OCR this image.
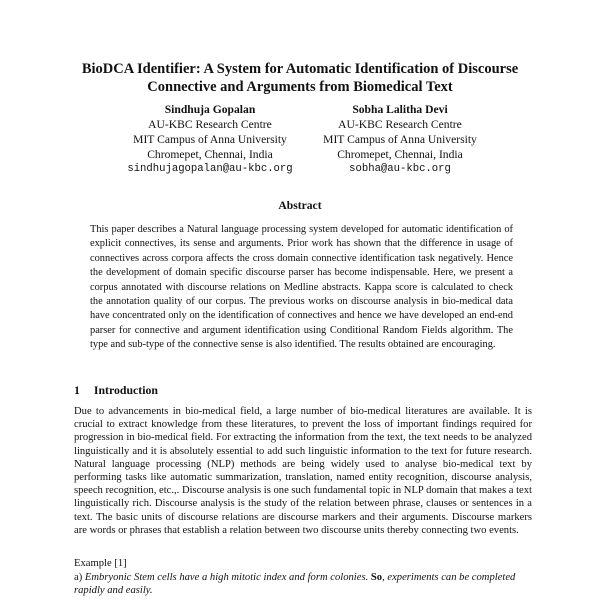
BioDCA Identifier: A System for Automatic Identification of Discourse
Connective and Arguments from Biomedical Text
Sindhuja Gopalan
AU-KBC Research Centre
MIT Campus of Anna University
Chromepet, Chennai, India
sindhujagopalan@au-kbc.org
Sobha Lalitha Devi
AU-KBC Research Centre
MIT Campus of Anna University
Chromepet, Chennai, India
sobha@au-kbc.org
Abstract
This paper describes a Natural language processing system developed for automatic identification of explicit connectives, its sense and arguments. Prior work has shown that the difference in usage of connectives across corpora affects the cross domain connective identification task negatively. Hence the development of domain specific discourse parser has become indispensable. Here, we present a corpus annotated with discourse relations on Medline abstracts. Kappa score is calculated to check the annotation quality of our corpus. The previous works on discourse analysis in bio-medical data have concentrated only on the identification of connectives and hence we have developed an end-end parser for connective and argument identification using Conditional Random Fields algorithm. The type and sub-type of the connective sense is also identified. The results obtained are encouraging.
1 Introduction
Due to advancements in bio-medical field, a large number of bio-medical literatures are available. It is crucial to extract knowledge from these literatures, to prevent the loss of important findings required for progression in bio-medical field. For extracting the information from the text, the text needs to be analyzed linguistically and it is absolutely essential to add such linguistic information to the text for future research. Natural language processing (NLP) methods are being widely used to analyse bio-medical text by performing tasks like automatic summarization, translation, named entity recognition, discourse analysis, speech recognition, etc.,. Discourse analysis is one such fundamental topic in NLP domain that makes a text linguistically rich. Discourse analysis is the study of the relation between phrase, clauses or sentences in a text. The basic units of discourse relations are discourse markers and their arguments. Discourse markers are words or phrases that establish a relation between two discourse units thereby connecting two events.
Example [1]
a) Embryonic Stem cells have a high mitotic index and form colonies. So, experiments can be completed rapidly and easily.
